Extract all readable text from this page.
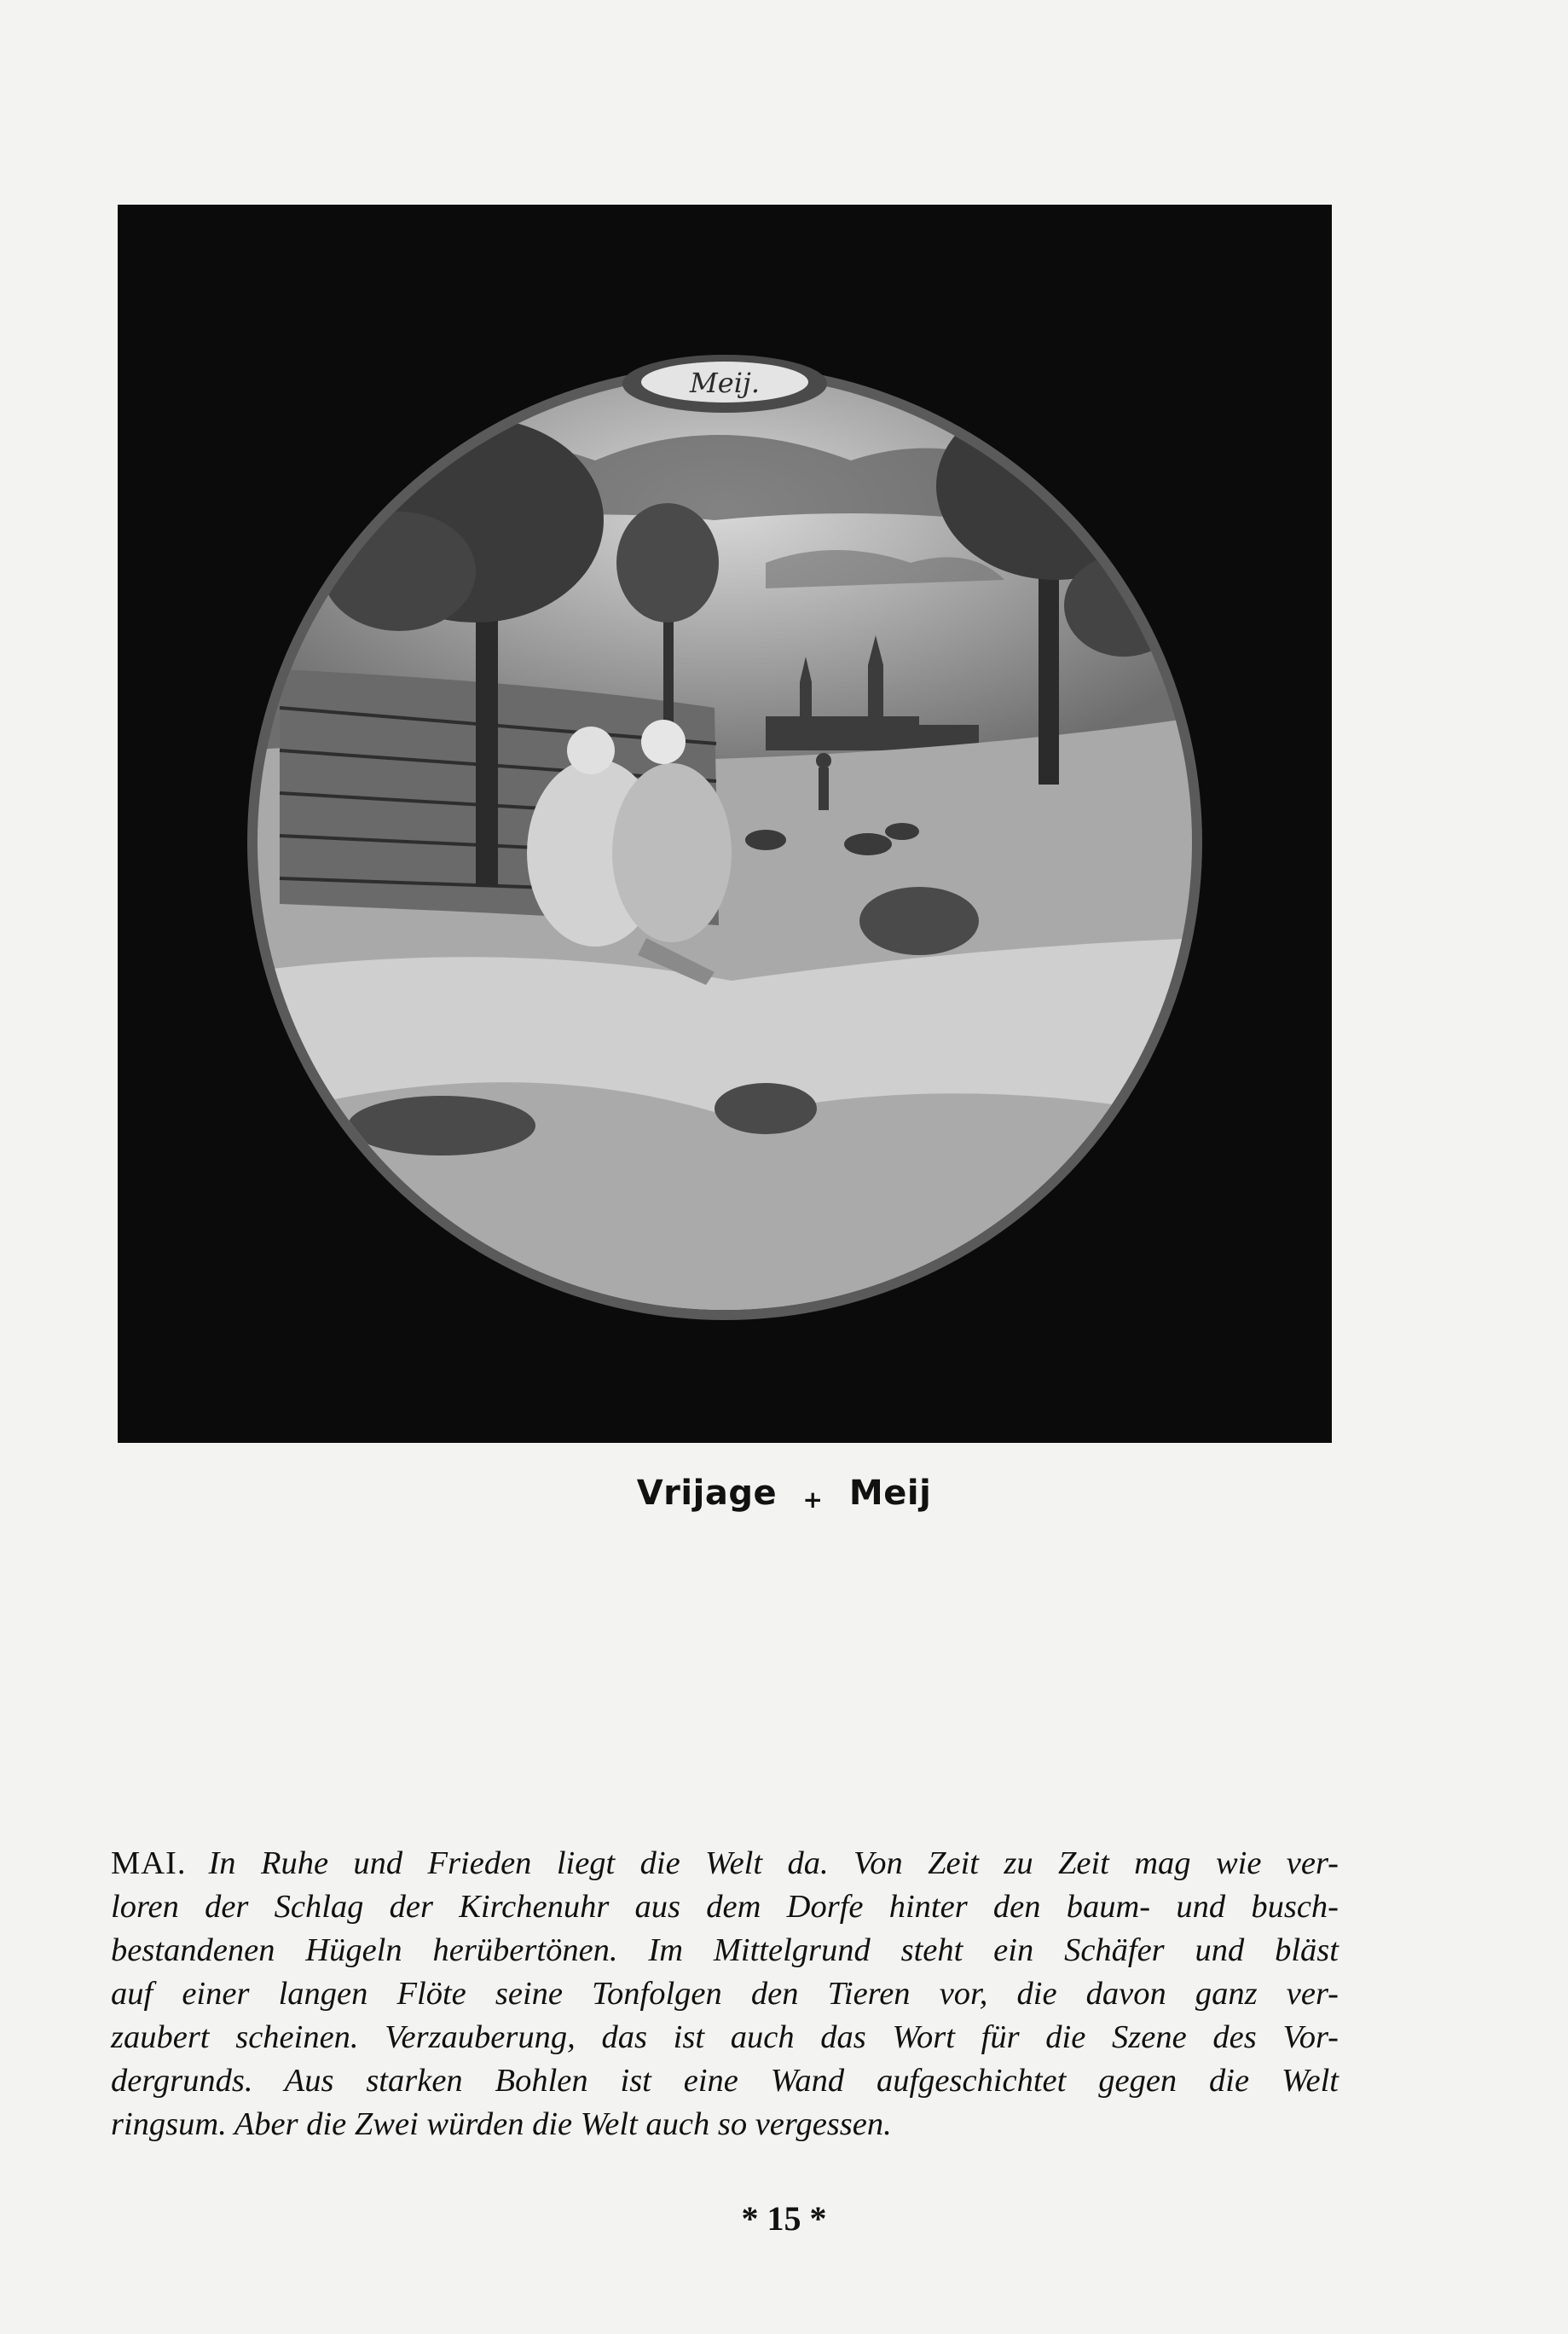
Meij.
Vrijage + Meij
MAI. In Ruhe und Frieden liegt die Welt da. Von Zeit zu Zeit mag wie ver-
loren der Schlag der Kirchenuhr aus dem Dorfe hinter den baum- und busch-
bestandenen Hügeln herübertönen. Im Mittelgrund steht ein Schäfer und bläst
auf einer langen Flöte seine Tonfolgen den Tieren vor, die davon ganz ver-
zaubert scheinen. Verzauberung, das ist auch das Wort für die Szene des Vor-
dergrunds. Aus starken Bohlen ist eine Wand aufgeschichtet gegen die Welt
ringsum. Aber die Zwei würden die Welt auch so vergessen.
* 15 *
